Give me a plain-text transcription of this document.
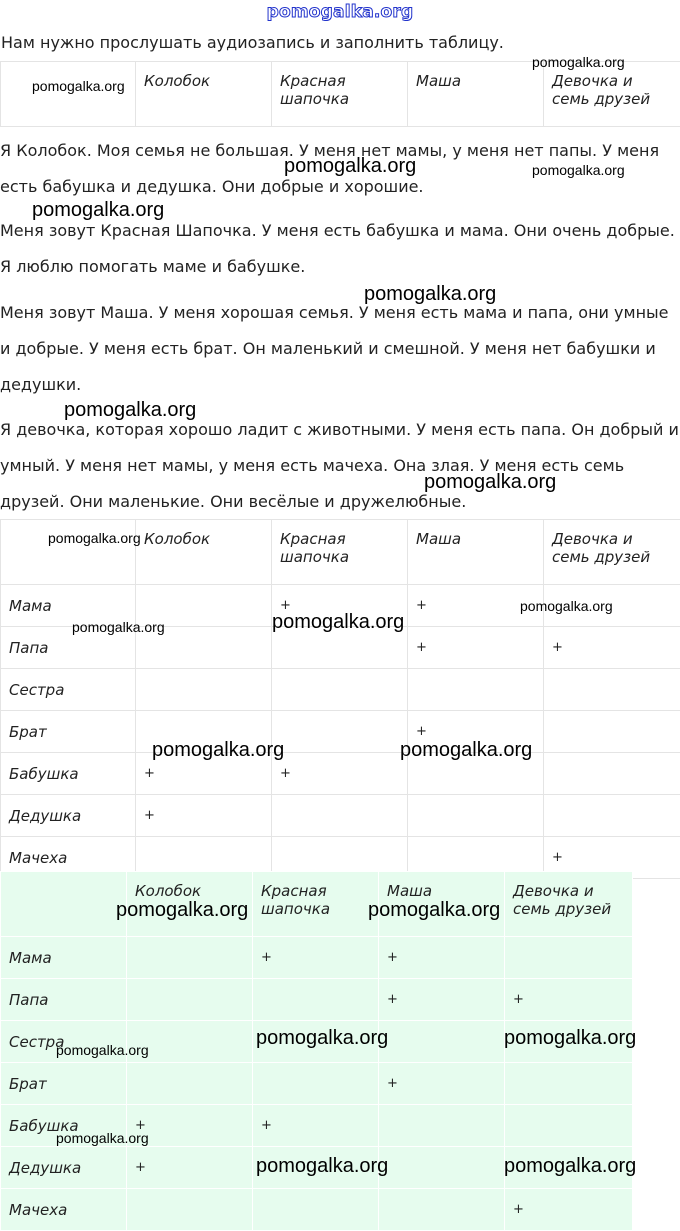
pomogalka.org

Нам нужно прослушать аудиозапись и заполнить таблицу.

	Колобок	Красная шапочка	Маша	Девочка и семь друзей

Я Колобок. Моя семья не большая. У меня нет мамы, у меня нет папы. У меня есть бабушка и дедушка. Они добрые и хорошие.

Меня зовут Красная Шапочка. У меня есть бабушка и мама. Они очень добрые. Я люблю помогать маме и бабушке.

Меня зовут Маша. У меня хорошая семья. У меня есть мама и папа, они умные и добрые. У меня есть брат. Он маленький и смешной. У меня нет бабушки и дедушки.

Я девочка, которая хорошо ладит с животными. У меня есть папа. Он добрый и умный. У меня нет мамы, у меня есть мачеха. Она злая. У меня есть семь друзей. Они маленькие. Они весёлые и дружелюбные.

	Колобок	Красная шапочка	Маша	Девочка и семь друзей
Мама		+	+	
Папа			+	+
Сестра				
Брат			+	
Бабушка	+	+		
Дедушка	+			
Мачеха				+
	Колобок	Красная шапочка	Маша	Девочка и семь друзей
Мама		+	+	
Папа			+	+
Сестра				
Брат			+	
Бабушка	+	+		
Дедушка	+			
Мачеха				+
pomogalka.org
pomogalka.org
pomogalka.org	pomogalka.org
pomogalka.org
pomogalka.org
pomogalka.org
pomogalka.org
pomogalka.org
pomogalka.org
pomogalka.org
pomogalka.org
pomogalka.org	pomogalka.org
pomogalka.org	pomogalka.org
pomogalka.org	pomogalka.org
pomogalka.org
pomogalka.org
pomogalka.org	pomogalka.org
